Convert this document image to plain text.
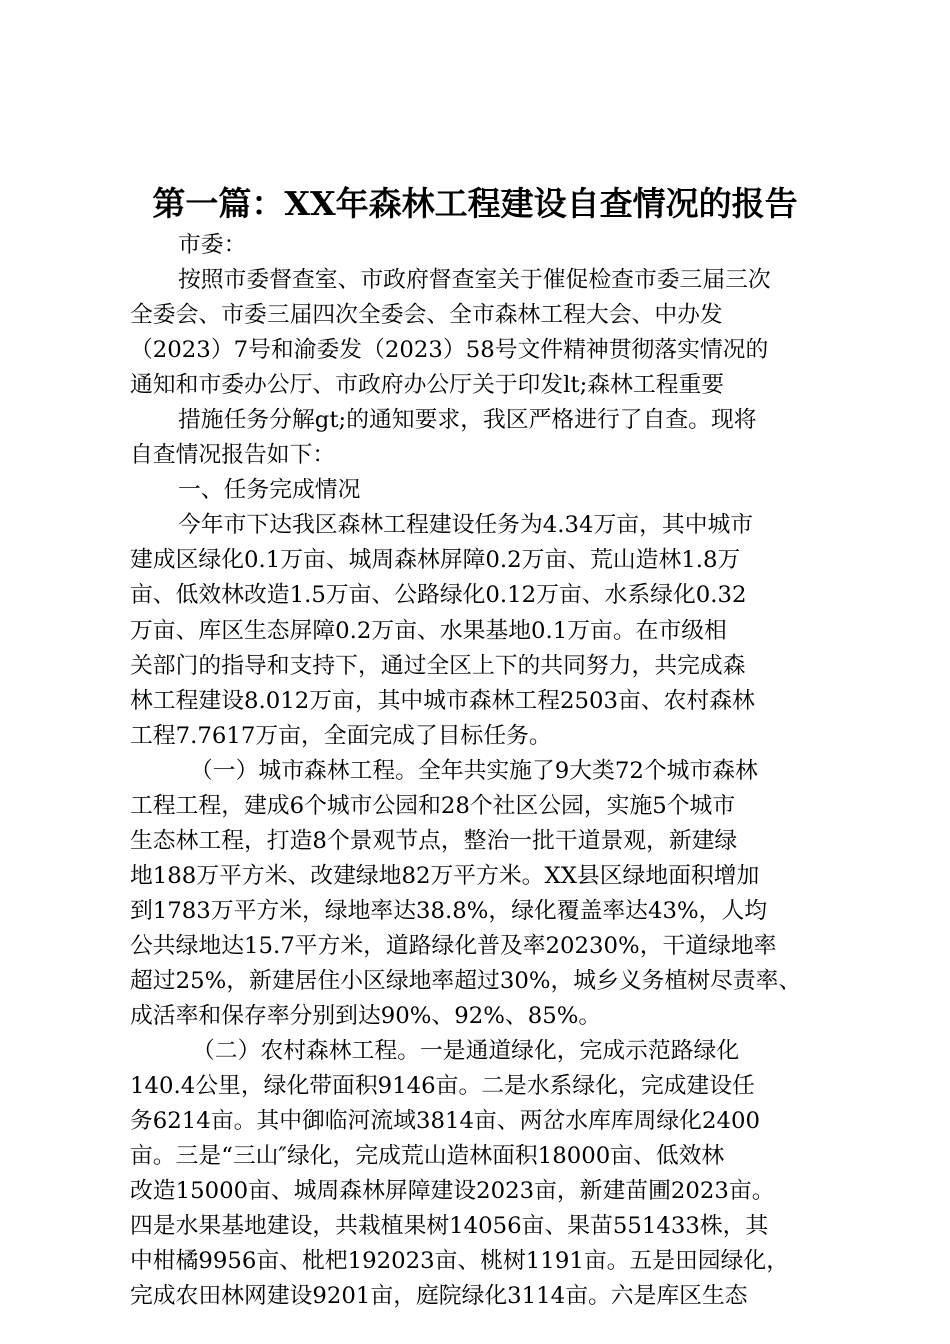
第一篇：XX年森林工程建设自查情况的报告
市委：
按照市委督查室、市政府督查室关于催促检查市委三届三次
全委会、市委三届四次全委会、全市森林工程大会、中办发
（2023）7号和渝委发（2023）58号文件精神贯彻落实情况的
通知和市委办公厅、市政府办公厅关于印发lt;森林工程重要
措施任务分解gt;的通知要求，我区严格进行了自查。现将
自查情况报告如下：
一、任务完成情况
今年市下达我区森林工程建设任务为4.34万亩，其中城市
建成区绿化0.1万亩、城周森林屏障0.2万亩、荒山造林1.8万
亩、低效林改造1.5万亩、公路绿化0.12万亩、水系绿化0.32
万亩、库区生态屏障0.2万亩、水果基地0.1万亩。在市级相
关部门的指导和支持下，通过全区上下的共同努力，共完成森
林工程建设8.012万亩，其中城市森林工程2503亩、农村森林
工程7.7617万亩，全面完成了目标任务。
（一）城市森林工程。全年共实施了9大类72个城市森林
工程工程，建成6个城市公园和28个社区公园，实施5个城市
生态林工程，打造8个景观节点，整治一批干道景观，新建绿
地188万平方米、改建绿地82万平方米。XX县区绿地面积增加
到1783万平方米，绿地率达38.8%，绿化覆盖率达43%，人均
公共绿地达15.7平方米，道路绿化普及率20230%，干道绿地率
超过25%，新建居住小区绿地率超过30%，城乡义务植树尽责率、
成活率和保存率分别到达90%、92%、85%。
（二）农村森林工程。一是通道绿化，完成示范路绿化
140.4公里，绿化带面积9146亩。二是水系绿化，完成建设任
务6214亩。其中御临河流域3814亩、两岔水库库周绿化2400
亩。三是“三山″绿化，完成荒山造林面积18000亩、低效林
改造15000亩、城周森林屏障建设2023亩，新建苗圃2023亩。
四是水果基地建设，共栽植果树14056亩、果苗551433株，其
中柑橘9956亩、枇杷192023亩、桃树1191亩。五是田园绿化，
完成农田林网建设9201亩，庭院绿化3114亩。六是库区生态
